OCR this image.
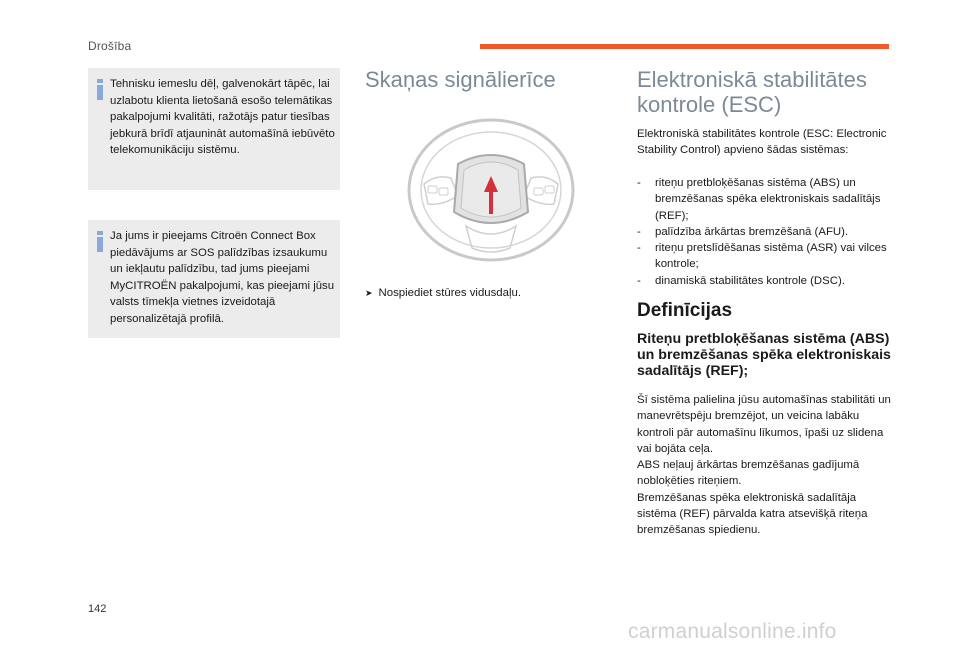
Drošība
Tehnisku iemeslu dēļ, galvenokārt tāpēc, lai uzlabotu klienta lietošanā esošo telemātikas pakalpojumi kvalitāti, ražotājs patur tiesības jebkurā brīdī atjaunināt automašīnā iebūvēto telekomunikāciju sistēmu.
Ja jums ir pieejams Citroën Connect Box piedāvājums ar SOS palīdzības izsaukumu un iekļautu palīdzību, tad jums pieejami MyCITROËN pakalpojumi, kas pieejami jūsu valsts tīmekļa vietnes izveidotajā personalizētajā profilā.
Skaņas signālierīce
➤ Nospiediet stūres vidusdaļu.
Elektroniskā stabilitātes kontrole (ESC)
Elektroniskā stabilitātes kontrole (ESC: Electronic Stability Control) apvieno šādas sistēmas:
- riteņu pretbloķēšanas sistēma (ABS) un bremzēšanas spēka elektroniskais sadalītājs (REF);
- palīdzība ārkārtas bremzēšanā (AFU).
- riteņu pretslīdēšanas sistēma (ASR) vai vilces kontrole;
- dinamiskā stabilitātes kontrole (DSC).
Definīcijas
Riteņu pretbloķēšanas sistēma (ABS) un bremzēšanas spēka elektroniskais sadalītājs (REF);
Šī sistēma palielina jūsu automašīnas stabilitāti un manevrētspēju bremzējot, un veicina labāku kontroli pār automašīnu līkumos, īpaši uz slidena vai bojāta ceļa.
ABS neļauj ārkārtas bremzēšanas gadījumā nobloķēties riteņiem.
Bremzēšanas spēka elektroniskā sadalītāja sistēma (REF) pārvalda katra atsevišķā riteņa bremzēšanas spiedienu.
142
carmanualsonline.info
